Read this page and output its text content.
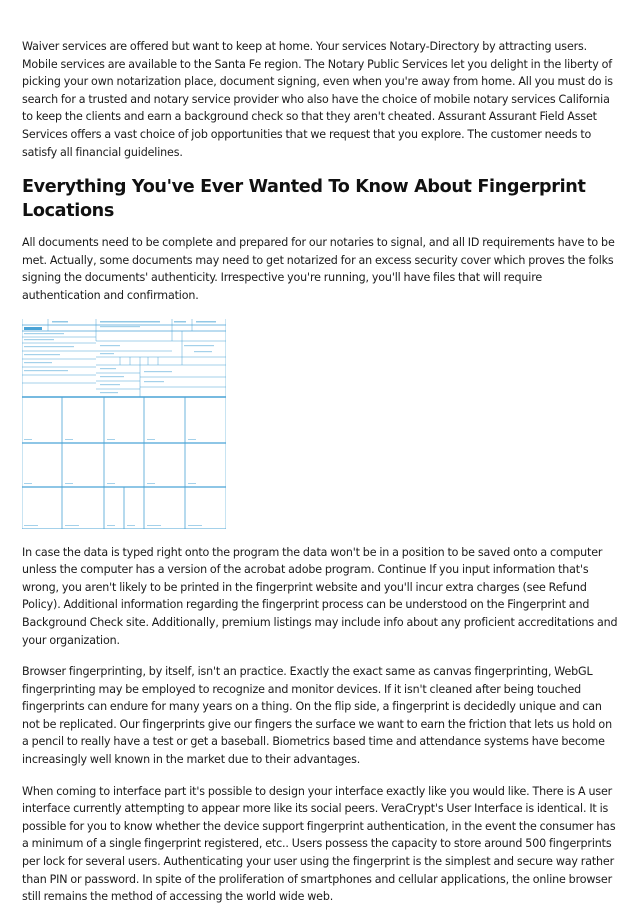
Waiver services are offered but want to keep at home. Your services Notary-Directory by attracting users. Mobile services are available to the Santa Fe region. The Notary Public Services let you delight in the liberty of picking your own notarization place, document signing, even when you're away from home. All you must do is search for a trusted and notary service provider who also have the choice of mobile notary services California to keep the clients and earn a background check so that they aren't cheated. Assurant Assurant Field Asset Services offers a vast choice of job opportunities that we request that you explore. The customer needs to satisfy all financial guidelines.

Everything You've Ever Wanted To Know About Fingerprint Locations

All documents need to be complete and prepared for our notaries to signal, and all ID requirements have to be met. Actually, some documents may need to get notarized for an excess security cover which proves the folks signing the documents' authenticity. Irrespective you're running, you'll have files that will require authentication and confirmation.

In case the data is typed right onto the program the data won't be in a position to be saved onto a computer unless the computer has a version of the acrobat adobe program. Continue If you input information that's wrong, you aren't likely to be printed in the fingerprint website and you'll incur extra charges (see Refund Policy). Additional information regarding the fingerprint process can be understood on the Fingerprint and Background Check site. Additionally, premium listings may include info about any proficient accreditations and your organization.

Browser fingerprinting, by itself, isn't an practice. Exactly the exact same as canvas fingerprinting, WebGL fingerprinting may be employed to recognize and monitor devices. If it isn't cleaned after being touched fingerprints can endure for many years on a thing. On the flip side, a fingerprint is decidedly unique and can not be replicated. Our fingerprints give our fingers the surface we want to earn the friction that lets us hold on a pencil to really have a test or get a baseball. Biometrics based time and attendance systems have become increasingly well known in the market due to their advantages.

When coming to interface part it's possible to design your interface exactly like you would like. There is A user interface currently attempting to appear more like its social peers. VeraCrypt's User Interface is identical. It is possible for you to know whether the device support fingerprint authentication, in the event the consumer has a minimum of a single fingerprint registered, etc.. Users possess the capacity to store around 500 fingerprints per lock for several users. Authenticating your user using the fingerprint is the simplest and secure way rather than PIN or password. In spite of the proliferation of smartphones and cellular applications, the online browser still remains the method of accessing the world wide web.
